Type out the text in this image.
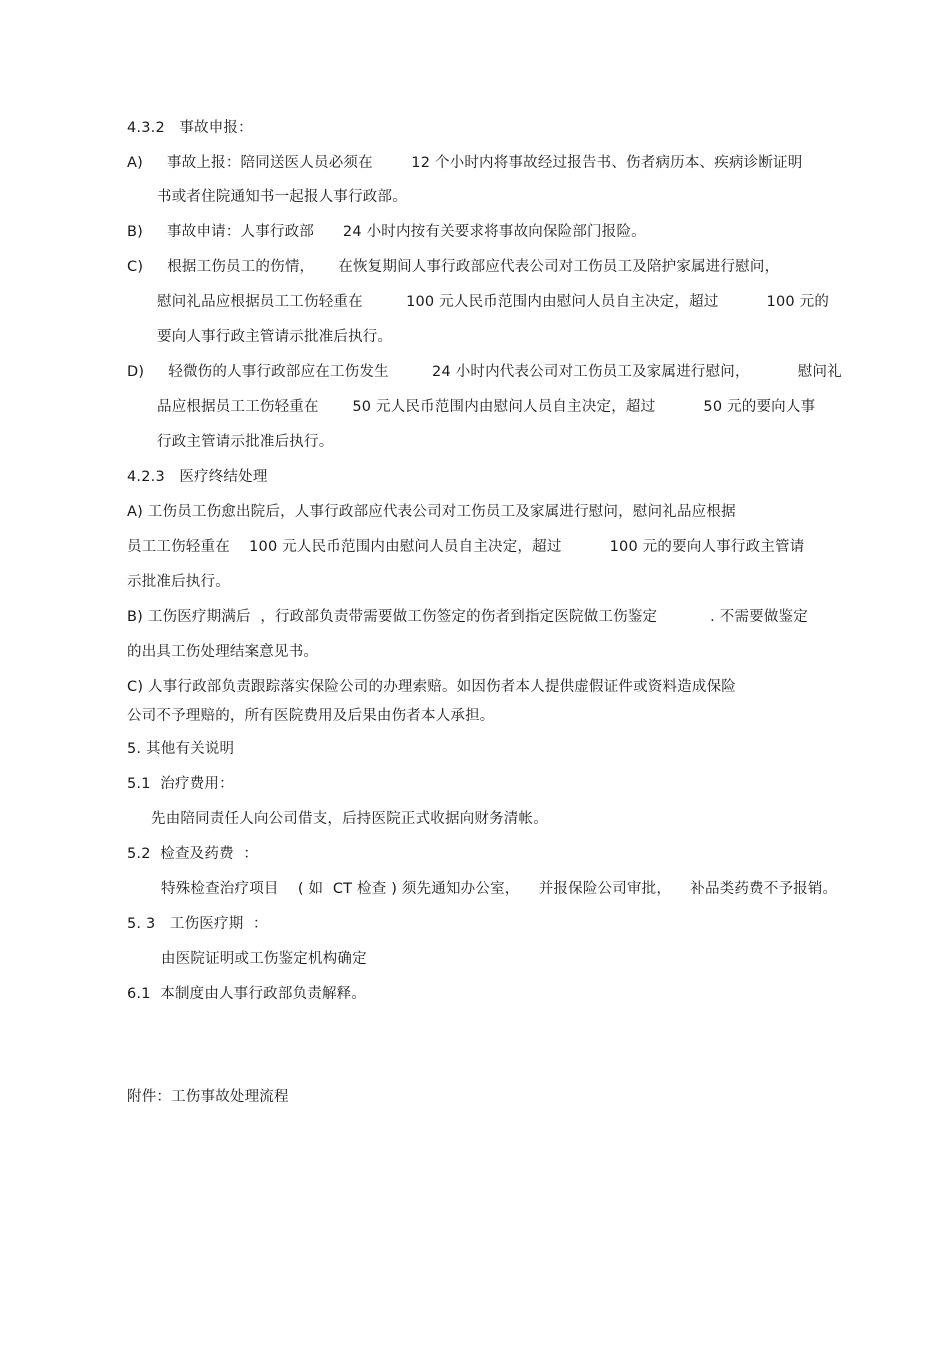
4.3.2   事故申报：
A)     事故上报：陪同送医人员必须在        12 个小时内将事故经过报告书、伤者病历本、疾病诊断证明
书或者住院通知书一起报人事行政部。
B)     事故申请：人事行政部      24 小时内按有关要求将事故向保险部门报险。
C)     根据工伤员工的伤情，     在恢复期间人事行政部应代表公司对工伤员工及陪护家属进行慰问，
慰问礼品应根据员工工伤轻重在         100 元人民币范围内由慰问人员自主决定，超过          100 元的
要向人事行政主管请示批准后执行。
D)     轻微伤的人事行政部应在工伤发生         24 小时内代表公司对工伤员工及家属进行慰问，          慰问礼
品应根据员工工伤轻重在       50 元人民币范围内由慰问人员自主决定，超过          50 元的要向人事
行政主管请示批准后执行。
4.2.3   医疗终结处理
A) 工伤员工伤愈出院后，人事行政部应代表公司对工伤员工及家属进行慰问，慰问礼品应根据
员工工伤轻重在    100 元人民币范围内由慰问人员自主决定，超过          100 元的要向人事行政主管请
示批准后执行。
B) 工伤医疗期满后  ，行政部负责带需要做工伤签定的伤者到指定医院做工伤鉴定           . 不需要做鉴定
的出具工伤处理结案意见书。
C) 人事行政部负责跟踪落实保险公司的办理索赔。如因伤者本人提供虚假证件或资料造成保险
公司不予理赔的，所有医院费用及后果由伤者本人承担。
5. 其他有关说明
5.1  治疗费用：
先由陪同责任人向公司借支，后持医院正式收据向财务清帐。
5.2  检查及药费  ：
特殊检查治疗项目    ( 如  CT 检查 ) 须先通知办公室，    并报保险公司审批，    补品类药费不予报销。
5. 3   工伤医疗期  ：
由医院证明或工伤鉴定机构确定
6.1  本制度由人事行政部负责解释。
附件：工伤事故处理流程
